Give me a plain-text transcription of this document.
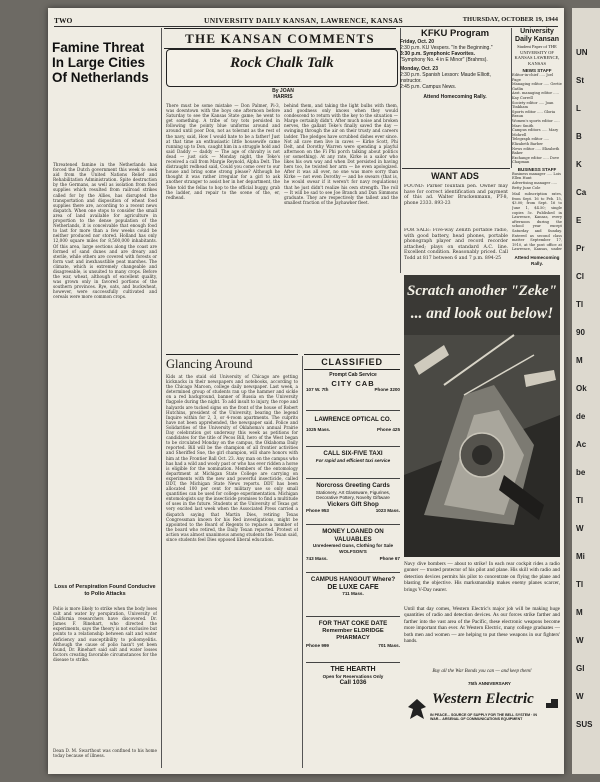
TWO	UNIVERSITY DAILY KANSAN, LAWRENCE, KANSAS	THURSDAY, OCTOBER 19, 1944
THE KANSAN COMMENTS
Famine Threat In Large Cities Of Netherlands
Threatened famine in the Netherlands has forced the Dutch government this week to seek aid from the United Nations Relief and Rehabilitation Administration. Spite destruction by the Germans, as well as isolation from food supplies which resulted from railroad strikes called for by the Allies, has disrupted the transportation and disposition of wheat food supplies there are, according to a recent news dispatch. When one stops to consider the small area of land available for agriculture in proportion to the dense population of the Netherlands, it is conceivable that enough food to last for more than a few weeks could be neither produced nor stored. Holland has only 12,000 square miles for 8,500,000 inhabitants. Of this area, large sections along the coast are formed of sand dunes and are dreary and sterile, while others are covered with forests or form vast and inexhaustible peat marshes. The climate, which is extremely changeable and disagreeable, is unsuited to many crops. Before the war, wheat, although of excellent quality, was grown only in favored portions of the southern provinces. Rye, oats, and buckwheat, however, were successfully cultivated and cereals were more common crops.
Loss of Perspiration Found Conducive to Polio Attacks
Polio is more likely to strike when the body loses salt and water by perspiration, University of California researchers have discovered. Dr. James F. Rinehart, who directed the experiments, says the theory is not exclusive but points to a relationship between salt and water deficiency and susceptibility to poliomyelitis. Although the cause of polio hasn't yet been found, Dr. Rinehart said salt and water losses factors creating favorable circumstances for the disease to strike.
Dean D. M. Swarthout was confined to his home today because of illness.
Rock Chalk Talk
By JOAN
HARRIS
There must be some mistake — Don Palmer, Pi-3, was downtown with the boys one afternoon before Saturday to see the Kansas State game; he went to get something. A tribe of toy tots persisted in following the pointy blue uniforms around and around until poor Don, not as tolerant as the rest of the navy, said, How I would hate to be a father! Just at that time an enthusiastic little housewife came running up to Don, caught him in a struggle hold and said Daddy — daddy — The age of chivalry is not dead — just sick — Monday night, the Teke's received a call from Margie Reynold, Alpha Delt. The distraught redhead said, Could you come over to our house and bring some strong please? Although he thought it was rather irregular for a girl to ask another stranger to assist her in her department, the Teke told the fellas to hop to the official buggy, grab the ladder, and repair to the scene of the, er, redhead.
behind them, and taking the light bulbs with them, and goodness only knows when they would condescend to return with the key to the situation — Marge certainly didn't. After much noise and broken nerves, the gallant Teke's finally saved the day — swinging through the air on their trusty and careers ladder. The pledges have scrubbed dishes ever since. Not all cave men live in caves — Kirke Scott, Phi Delt, and Dorothy Warren were spending a playful afternoon on the Fi Phi porch talking about politics (or something). At any rate, Kirke is a sailor who likes his own way and when Dot persisted in having hers too, he twisted her arm — he even apologized. After it was all over, no one was more sorry than Kirke — not even Dorothy — and he swears (that is, he would swear if it weren't for navy regulations) that he just didn't realize his own strength. The roll — It will be sad to see Joe Branch and Dan Simmons graduate. They are respectively the tallest and the smallest fraction of the Jayhawker fleet.
KFKU Program
Friday, Oct. 20
2:30 p.m. KU Vespers. "In the Beginning."
3:30 p.m. Symphonic Favorites.
"Symphony No. 4 in E Minor" (Brahms).
Monday, Oct. 23
2:30 p.m. Spanish Lesson: Maude Elliott, instructor.
2:45 p.m. Campus News.
Attend Homecoming Rally.
WANT ADS
FOUND: Parker fountain pen. Owner may have for correct identification and payment of this ad. Walter Bruckenmann, PT-8, phone 2333. 893-23
FOR SALE: Five-way Zenith portable radio, with good battery, head phones, portable phonograph player and record recorder attached; plays on standard A.C. line. Excellent condition. Reasonably priced. Call Todd at 817 between 6 and 7 p.m. 894-25
University Daily Kansan
Student Paper of THE UNIVERSITY OF KANSAS LAWRENCE, KANSAS
NEWS STAFF
Editor-in-chief ..... Joel Page
Managing editor ..... Gertie Gatlin
Asst. managing editor ..... Kay Correll
Society editor ..... Joan Tinkham
Sports editor ..... Gloria Braun
Women's sports editor ..... Marc Smith
Campus editors ..... Mary Mohrell
Telegraph editor ..... Elizabeth Barber
News editor ..... Elizabeth Baker
Exchange editor ..... Dove Chapman
BUSINESS STAFF
Business manager ..... Lois Ellen Hunt
Advertising manager ..... Betty June Cole
Mail subscription rates, from Sept. 16 to Feb. 15, $3.00; from Sept. 16 to June 1, $4.50; single copies 5c. Published in Lawrence, Kansas, every afternoon during the school year except Saturday and Sunday. Entered as second class matter September 17, 1910, at the post office at Lawrence, Kansas, under
Attend Homecoming Rally.
Scratch another "Zeke"
... and look out below!
Navy dive bombers — about to strike! In each rear cockpit rides a radio gunner — trusted protector of his pilot and plane. His skill with radio and detection devices permits his pilot to concentrate on flying the plane and blasting the objective. His marksmanship makes enemy planes scarcer, brings V-Day nearer.
Until that day comes, Western Electric's major job will be making huge quantities of radio and detection devices. As our forces strike farther and farther into the vast area of the Pacific, these electronic weapons become more important than ever. At Western Electric, many college graduates — both men and women — are helping to put these weapons in our fighters' hands.
Buy all the War Bonds you can — and keep them!
75th ANNIVERSARY
Western Electric
IN PEACE... SOURCE OF SUPPLY FOR THE BELL SYSTEM · IN WAR... ARSENAL OF COMMUNICATIONS EQUIPMENT
Glancing Around
Kids at the staid old University of Chicago are getting kicknacks in their newspapers and notebooks, according to the Chicago Maroon, college daily newspaper. Last week, a determined group of students ran up the hammer and sickle on a red background, banner of Russia on the University flagpole during the night. To add insult to injury, the rope and halyards are tucked signs on the front of the house of Robert Hutchins, president of the University, bearing the legend Inquire within for 2, 3, or 4-room apartments. The culprits have not been apprehended, the newspaper said. Police and Solidarities of the University of Oklahoma's annual Prairie Day celebration got underway this week as petitions for candidates for the title of Pecos Bill, hero of the West began to be circulated Monday on the campus, the Oklahoma Daily reported. Bill will be the champion of all frontier activities and Sheriffed Sue, the girl champion, will share honors with him at the Frontier Ball Oct. 23. Any man on the campus who has had a wild and wooly past or who has ever ridden a horse is eligible for the nomination. Members of the entomology department at Michigan State College are carrying on experiments with the new and powerful insecticide, called DDT, the Michigan State News reports. DDT has been allocated 100 per cent for military use so only small quantities can be used for college experimentation. Michigan entomologists say the insecticide promises to find a multitude of uses in the future. Students at the University of Texas got very excited last week when the Associated Press carried a dispatch saying that Martin Dies, retiring Texas Congressman known for his Red investigations, might be appointed to the Board of Regents to replace a member of the board who retired, the Daily Texan reported. Protest of action was almost unanimous among students the Texan said, since students feel Dies opposed liberal education.
CLASSIFIED
Prompt Cab Service
CITY CAB
107 W. 7th	Phone 3200
LAWRENCE OPTICAL CO.
1025 Mass.	Phone 425
CALL SIX-FIVE TAXI
For rapid and efficient taxi service
Norcross Greeting Cards
Stationery, Art Glassware, Figurines, Decorative Pottery, Novelty Giftware
Vickers Gift Shop
Phone 953	1023 Mass.
MONEY LOANED ON VALUABLES
Unredeemed Guns, Clothing for Sale WOLFSON'S
743 Mass.	Phone 67
CAMPUS HANGOUT Where?
DE LUXE CAFE
711 Mass.
FOR THAT COKE DATE
Remember ELDRIDGE PHARMACY
Phone 999	701 Mass.
THE HEARTH
Open for Reservations Only
Call 1036
UN
St
L
B
K
Ca
E
Pr
Cl
Tl
90
M
Ok
de
Ac
be
Tl
W
Mi
Tl
M
W
Gl
W
SUS
